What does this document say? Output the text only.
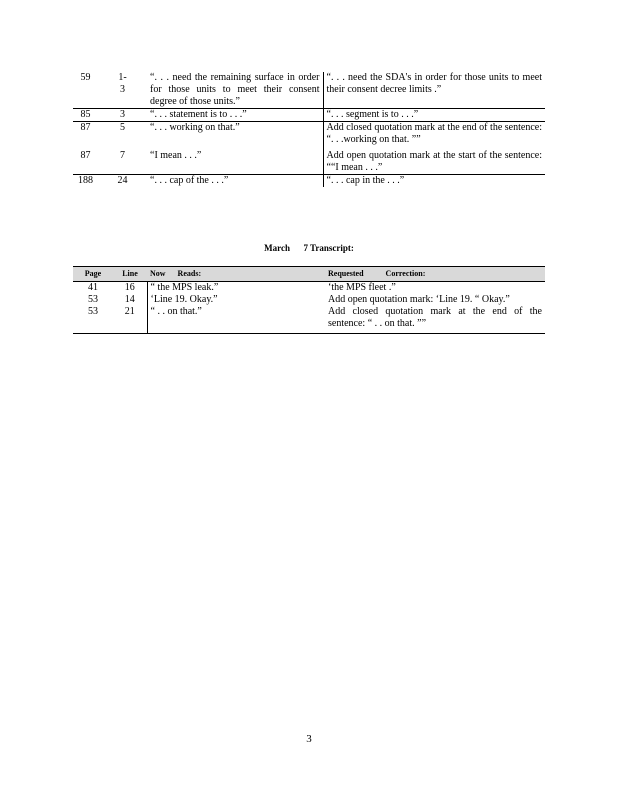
59	1-3	“. . . need the remaining surface in order for those units to meet their consent degree of those units.”	“. . . need the SDA's in order for those units to meet their consent decree limits .”
85	3	“. . . statement is to . . .”	“. . . segment is to . . .”
87	5	“. . . working on that.”	Add closed quotation mark at the end of the sentence: “. . .working on that. ””
87	7	“I mean . . .”	Add open quotation mark at the start of the sentence: ““I mean . . .”
188	24	“. . . cap of the . . .”	“. . . cap in the . . .”
March      7 Transcript:
Page	Line	Now      Reads:	Requested           Correction:
41	16	“ the MPS leak.”	‘the MPS fleet .”
53	14	‘Line 19. Okay.”	Add open quotation mark: ‘Line 19. “ Okay.”
53	21	“ . . on that.”	Add closed quotation mark at the end of the sentence: “ . . on that. ””
3
